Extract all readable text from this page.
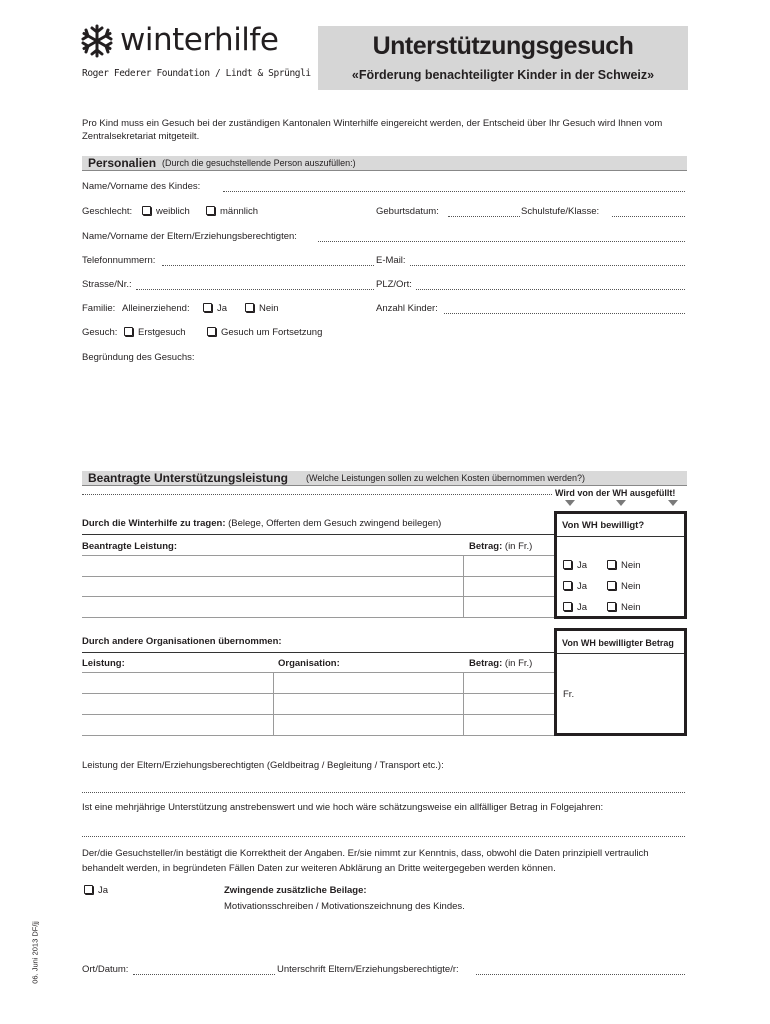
winterhilfe
Roger Federer Foundation / Lindt & Sprüngli
Unterstützungsgesuch
«Förderung benachteiligter Kinder in der Schweiz»
Pro Kind muss ein Gesuch bei der zuständigen Kantonalen Winterhilfe eingereicht werden, der Entscheid über Ihr Gesuch wird Ihnen vom Zentralsekretariat mitgeteilt.
Personalien (Durch die gesuchstellende Person auszufüllen:)
Name/Vorname des Kindes:
Geschlecht:	weiblich	männlich	Geburtsdatum:	Schulstufe/Klasse:
Name/Vorname der Eltern/Erziehungsberechtigten:
Telefonnummern:	E-Mail:
Strasse/Nr.:	PLZ/Ort:
Familie: Alleinerziehend:	Ja	Nein	Anzahl Kinder:
Gesuch:	Erstgesuch	Gesuch um Fortsetzung
Begründung des Gesuchs:
Beantragte Unterstützungsleistung (Welche Leistungen sollen zu welchen Kosten übernommen werden?)
Wird von der WH ausgefüllt!
Durch die Winterhilfe zu tragen: (Belege, Offerten dem Gesuch zwingend beilegen)
Beantragte Leistung:	Betrag: (in Fr.)
Von WH bewilligt?
Ja	Nein
Ja	Nein
Ja	Nein
Durch andere Organisationen übernommen:
Leistung:	Organisation:	Betrag: (in Fr.)
Von WH bewilligter Betrag
Fr.
Leistung der Eltern/Erziehungsberechtigten (Geldbeitrag / Begleitung / Transport etc.):
Ist eine mehrjährige Unterstützung anstrebenswert und wie hoch wäre schätzungsweise ein allfälliger Betrag in Folgejahren:
Der/die Gesuchsteller/in bestätigt die Korrektheit der Angaben. Er/sie nimmt zur Kenntnis, dass, obwohl die Daten prinzipiell vertraulich behandelt werden, in begründeten Fällen Daten zur weiteren Abklärung an Dritte weitergegeben werden können.
Ja	Zwingende zusätzliche Beilage:
Motivationsschreiben / Motivationszeichnung des Kindes.
Ort/Datum:	Unterschrift Eltern/Erziehungsberechtigte/r:
06. Juni 2013 DF/jj
